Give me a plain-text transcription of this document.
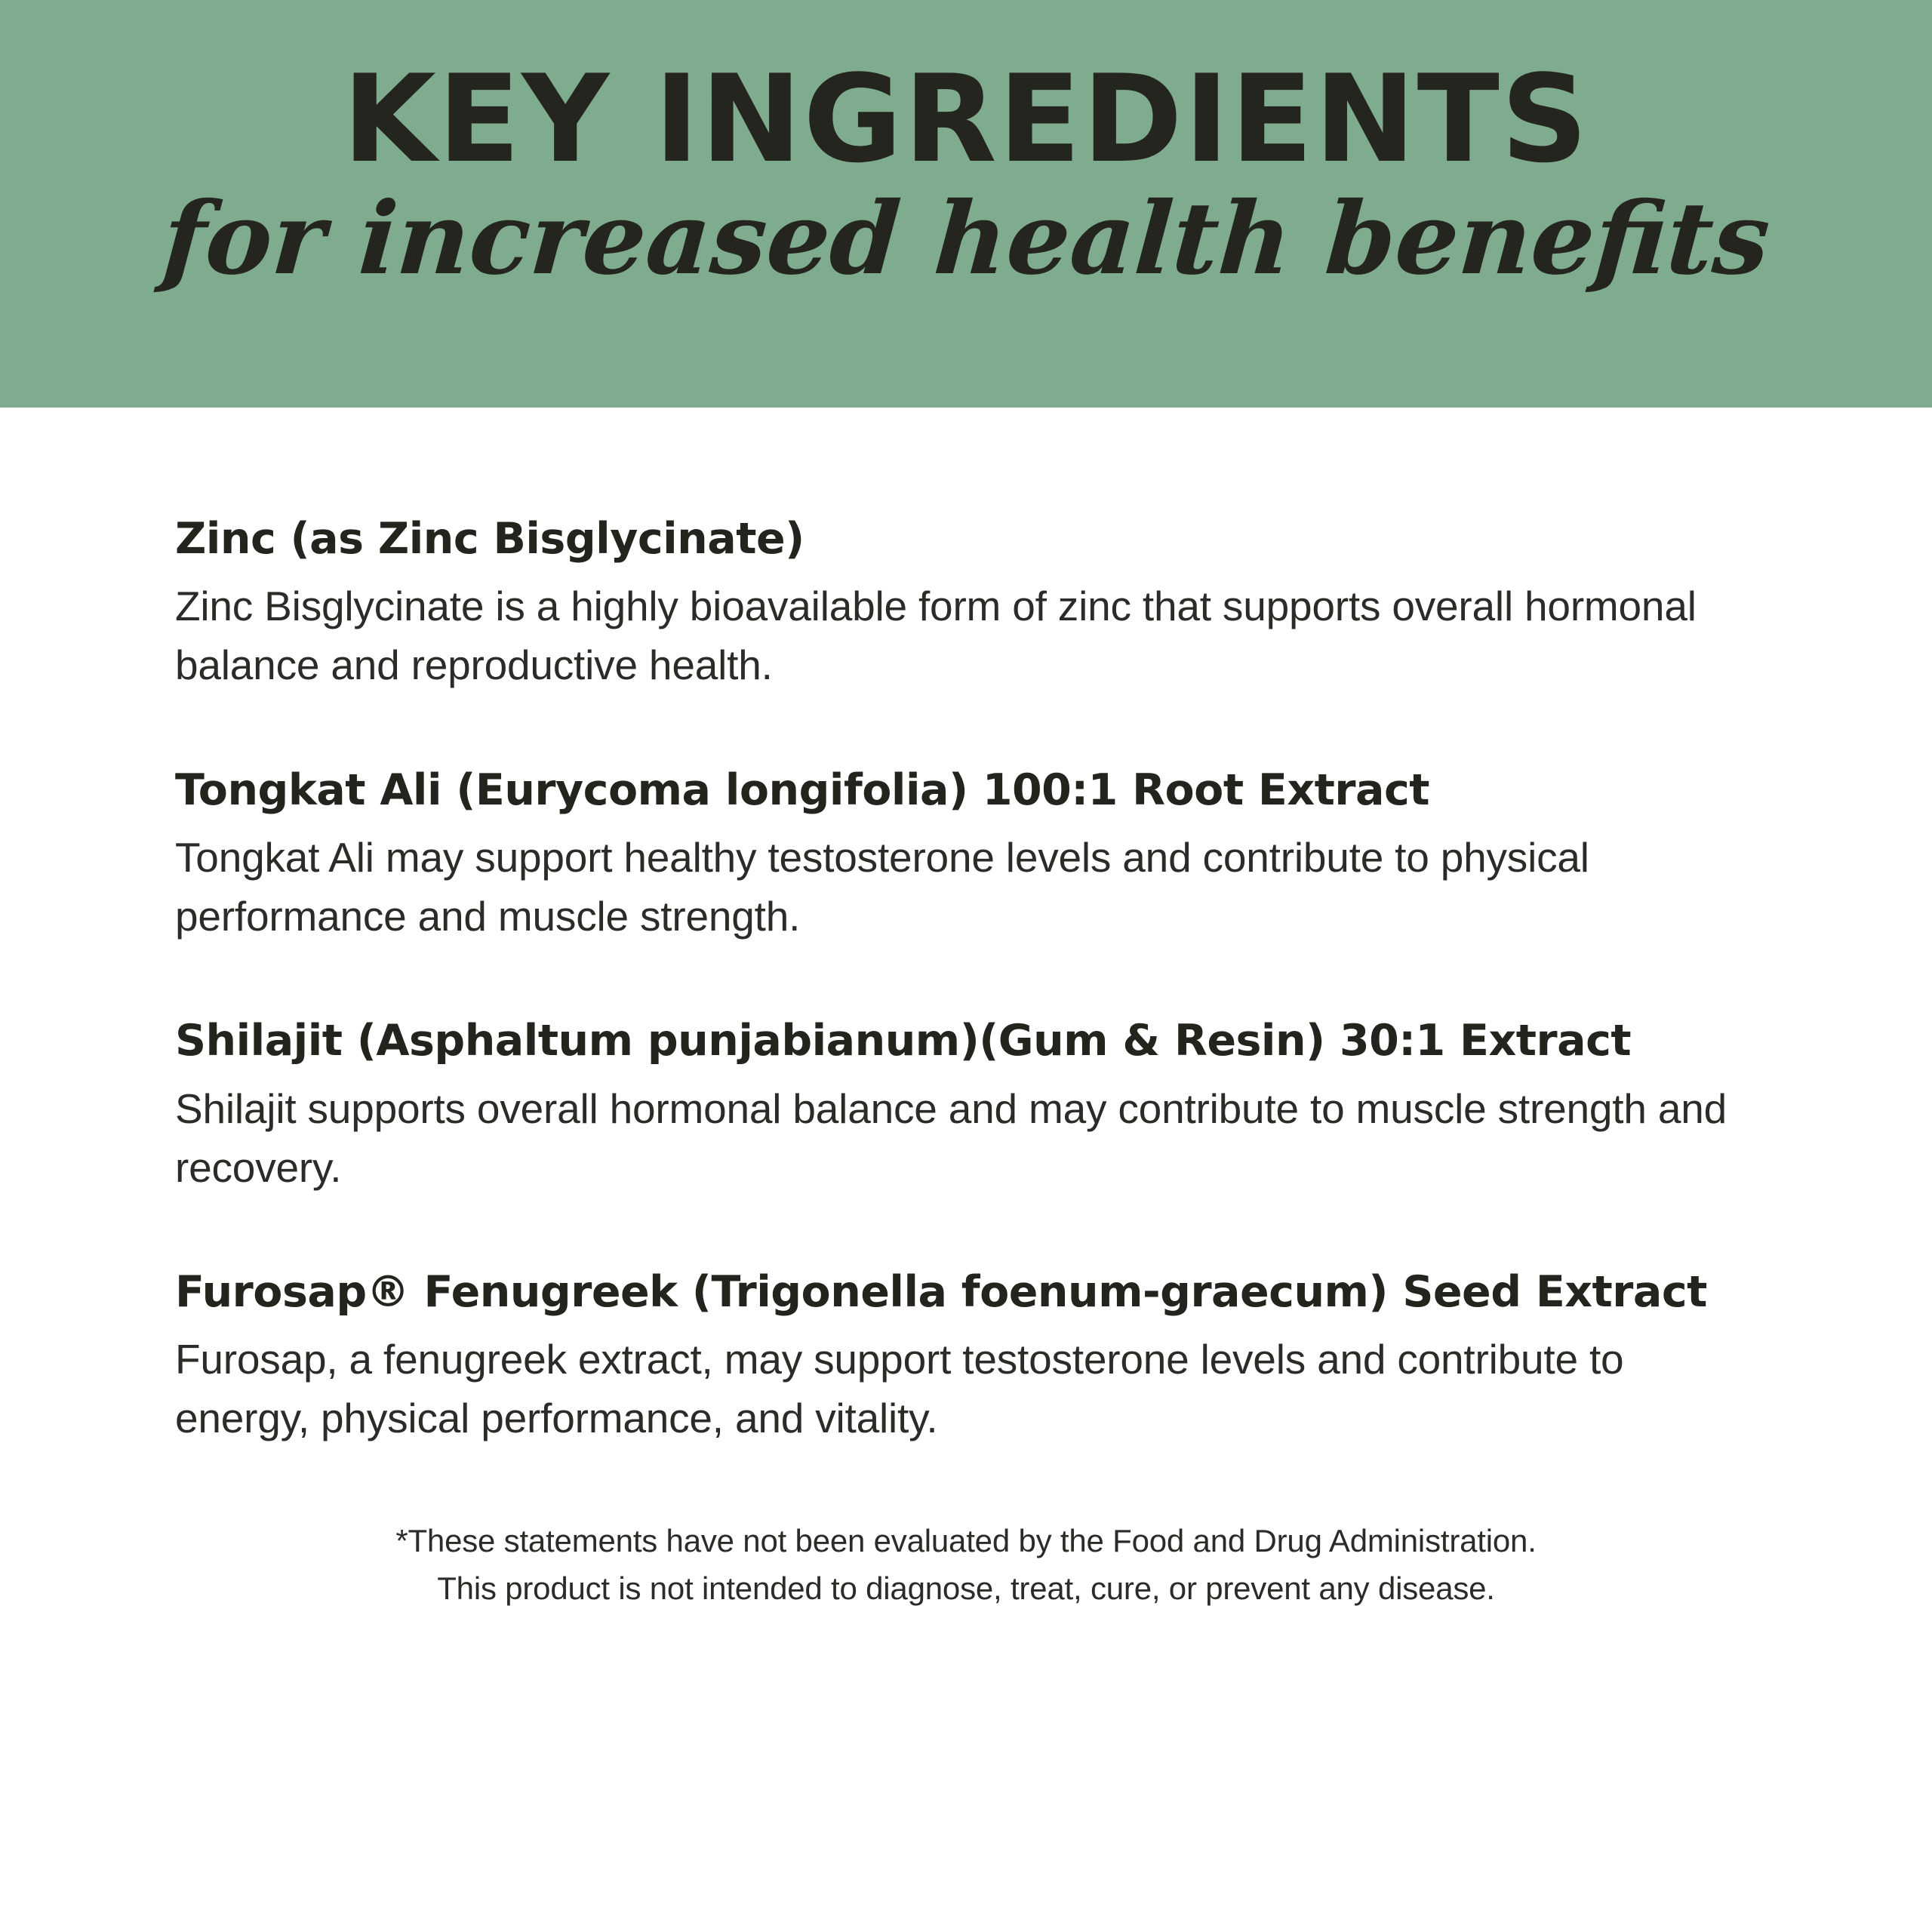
KEY INGREDIENTS
for increased health benefits
Zinc (as Zinc Bisglycinate)

Zinc Bisglycinate is a highly bioavailable form of zinc that supports overall hormonal balance and reproductive health.

Tongkat Ali (Eurycoma longifolia) 100:1 Root Extract

Tongkat Ali may support healthy testosterone levels and contribute to physical performance and muscle strength.

Shilajit (Asphaltum punjabianum)(Gum & Resin) 30:1 Extract

Shilajit supports overall hormonal balance and may contribute to muscle strength and recovery.

Furosap® Fenugreek (Trigonella foenum-graecum) Seed Extract

Furosap, a fenugreek extract, may support testosterone levels and contribute to energy, physical performance, and vitality.

*These statements have not been evaluated by the Food and Drug Administration.

This product is not intended to diagnose, treat, cure, or prevent any disease.
